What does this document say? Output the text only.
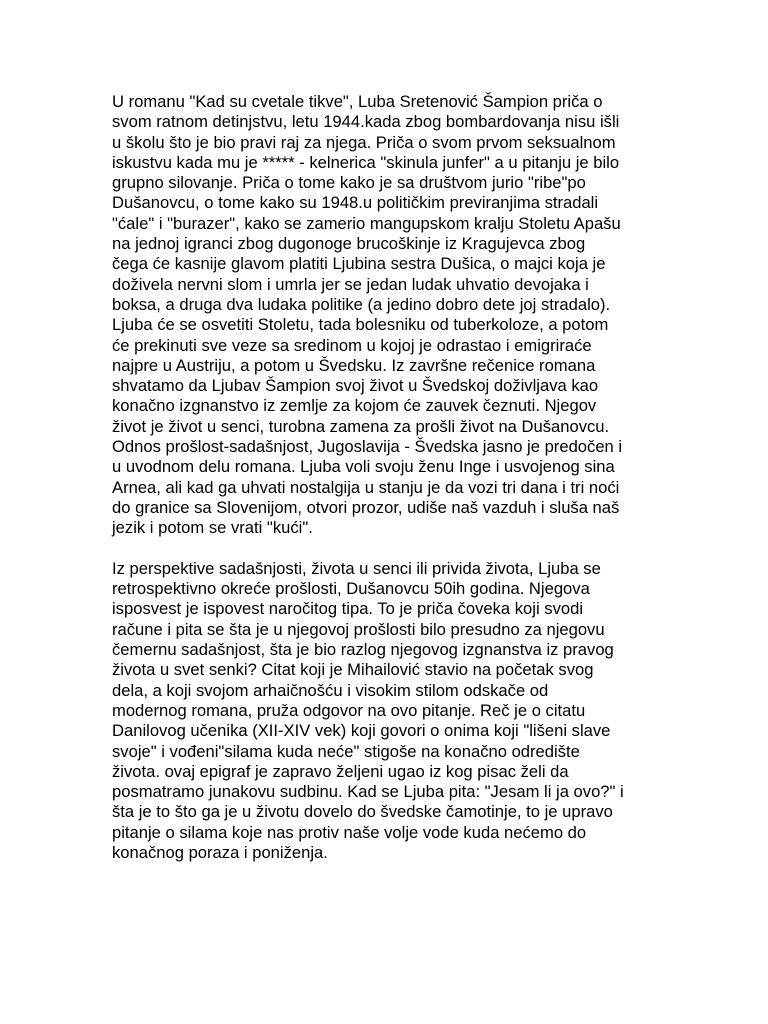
U romanu "Kad su cvetale tikve", Luba Sretenović Šampion priča o
svom ratnom detinjstvu, letu 1944.kada zbog bombardovanja nisu išli
u školu što je bio pravi raj za njega. Priča o svom prvom seksualnom
iskustvu kada mu je ***** - kelnerica "skinula junfer" a u pitanju je bilo
grupno silovanje. Priča o tome kako je sa društvom jurio "ribe"po
Dušanovcu, o tome kako su 1948.u političkim previranjima stradali
"ćale" i "burazer", kako se zamerio mangupskom kralju Stoletu Apašu
na jednoj igranci zbog dugonoge brucoškinje iz Kragujevca zbog
čega će kasnije glavom platiti Ljubina sestra Dušica, o majci koja je
doživela nervni slom i umrla jer se jedan ludak uhvatio devojaka i
boksa, a druga dva ludaka politike (a jedino dobro dete joj stradalo).
Ljuba će se osvetiti Stoletu, tada bolesniku od tuberkoloze, a potom
će prekinuti sve veze sa sredinom u kojoj je odrastao i emigriraće
najpre u Austriju, a potom u Švedsku. Iz završne rečenice romana
shvatamo da Ljubav Šampion svoj život u Švedskoj doživljava kao
konačno izgnanstvo iz zemlje za kojom će zauvek čeznuti. Njegov
život je život u senci, turobna zamena za prošli život na Dušanovcu.
Odnos prošlost-sadašnjost, Jugoslavija - Švedska jasno je predočen i
u uvodnom delu romana. Ljuba voli svoju ženu Inge i usvojenog sina
Arnea, ali kad ga uhvati nostalgija u stanju je da vozi tri dana i tri noći
do granice sa Slovenijom, otvori prozor, udiše naš vazduh i sluša naš
jezik i potom se vrati "kući".

Iz perspektive sadašnjosti, života u senci ili privida života, Ljuba se
retrospektivno okreće prošlosti, Dušanovcu 50ih godina. Njegova
isposvest je ispovest naročitog tipa. To je priča čoveka koji svodi
račune i pita se šta je u njegovoj prošlosti bilo presudno za njegovu
čemernu sadašnjost, šta je bio razlog njegovog izgnanstva iz pravog
života u svet senki? Citat koji je Mihailović stavio na početak svog
dela, a koji svojom arhaičnošću i visokim stilom odskače od
modernog romana, pruža odgovor na ovo pitanje. Reč je o citatu
Danilovog učenika (XII-XIV vek) koji govori o onima koji "lišeni slave
svoje" i vođeni"silama kuda neće" stigoše na konačno odredište
života. ovaj epigraf je zapravo željeni ugao iz kog pisac želi da
posmatramo junakovu sudbinu. Kad se Ljuba pita: "Jesam li ja ovo?" i
šta je to što ga je u životu dovelo do švedske čamotinje, to je upravo
pitanje o silama koje nas protiv naše volje vode kuda nećemo do
konačnog poraza i poniženja.
